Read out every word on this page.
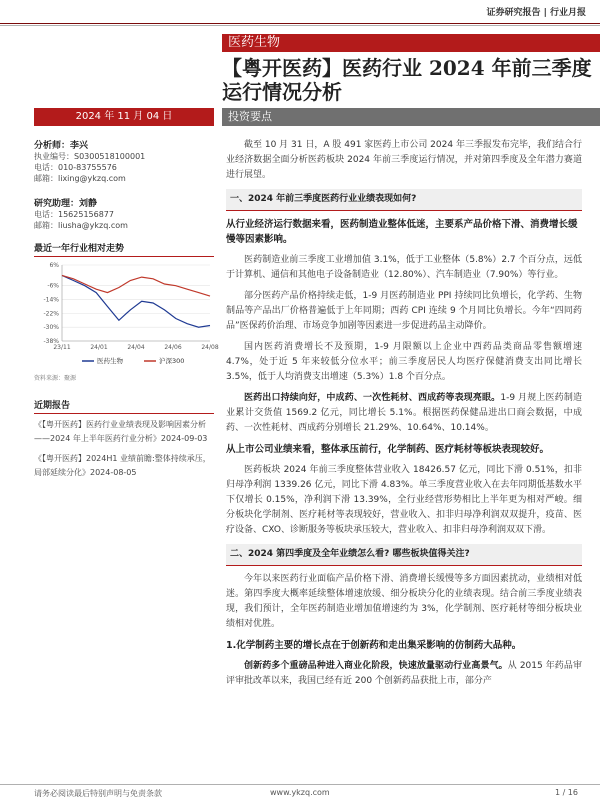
证券研究报告 | 行业月报
医药生物
【粤开医药】医药行业 2024 年前三季度运行情况分析
2024 年 11 月 04 日	投资要点
分析师：李兴
执业编号：S0300518100001
电话：010-83755576
邮箱：lixing@ykzq.com
研究助理：刘静
电话：15625156877
邮箱：liusha@ykzq.com
最近一年行业相对走势
6%
-6%
-14%
-22%
-30%
-38%
23/11	24/01	24/04	24/06	24/08
医药生物	沪深300
资料来源：聚源
近期报告
《【粤开医药】医药行业业绩表现及影响因素分析——2024 年上半年医药行业分析》2024-09-03
《【粤开医药】2024H1 业绩前瞻:整体持续承压，局部延续分化》2024-08-05

截至 10 月 31 日，A 股 491 家医药上市公司 2024 年三季报发布完毕，我们结合行业经济数据全面分析医药板块 2024 年前三季度运行情况，并对第四季度及全年潜力赛道进行展望。

一、2024 年前三季度医药行业业绩表现如何?
从行业经济运行数据来看，医药制造业整体低迷，主要系产品价格下滑、消费增长缓慢等因素影响。

医药制造业前三季度工业增加值 3.1%，低于工业整体（5.8%）2.7 个百分点，远低于计算机、通信和其他电子设备制造业（12.80%）、汽车制造业（7.90%）等行业。

部分医药产品价格持续走低，1-9 月医药制造业 PPI 持续同比负增长，化学药、生物制品等产品出厂价格普遍低于上年同期；西药 CPI 连续 9 个月同比负增长。今年“四同药品”医保药价治理、市场竞争加剧等因素进一步促进药品主动降价。

国内医药消费增长不及预期，1-9 月限额以上企业中西药品类商品零售额增速 4.7%，处于近 5 年来较低分位水平；前三季度居民人均医疗保健消费支出同比增长 3.5%，低于人均消费支出增速（5.3%）1.8 个百分点。

医药出口持续向好，中成药、一次性耗材、西成药等表现亮眼。1-9 月规上医药制造业累计交货值 1569.2 亿元，同比增长 5.1%。根据医药保健品进出口商会数据，中成药、一次性耗材、西成药分别增长 21.29%、10.64%、10.14%。

从上市公司业绩来看，整体承压前行，化学制药、医疗耗材等板块表现较好。

医药板块 2024 年前三季度整体营业收入 18426.57 亿元，同比下滑 0.51%，扣非归母净利润 1339.26 亿元，同比下滑 4.83%。单三季度营业收入在去年同期低基数水平下仅增长 0.15%，净利润下滑 13.39%，全行业经营形势相比上半年更为相对严峻。细分板块化学制剂、医疗耗材等表现较好，营业收入、扣非归母净利润双双提升，疫苗、医疗设备、CXO、诊断服务等板块承压较大，营业收入、扣非归母净利润双双下滑。

二、2024 第四季度及全年业绩怎么看? 哪些板块值得关注?

今年以来医药行业面临产品价格下滑、消费增长缓慢等多方面因素扰动，业绩相对低迷。第四季度大概率延续整体增速放缓、细分板块分化的业绩表现。结合前三季度业绩表现，我们预计，全年医药制造业增加值增速约为 3%，化学制剂、医疗耗材等细分板块业绩相对优胜。

1.化学制药主要的增长点在于创新药和走出集采影响的仿制药大品种。

创新药多个重磅品种进入商业化阶段，快速放量驱动行业高景气。从 2015 年药品审评审批改革以来，我国已经有近 200 个创新药品获批上市，部分产

请务必阅读最后特别声明与免责条款	www.ykzq.com	1 / 16
